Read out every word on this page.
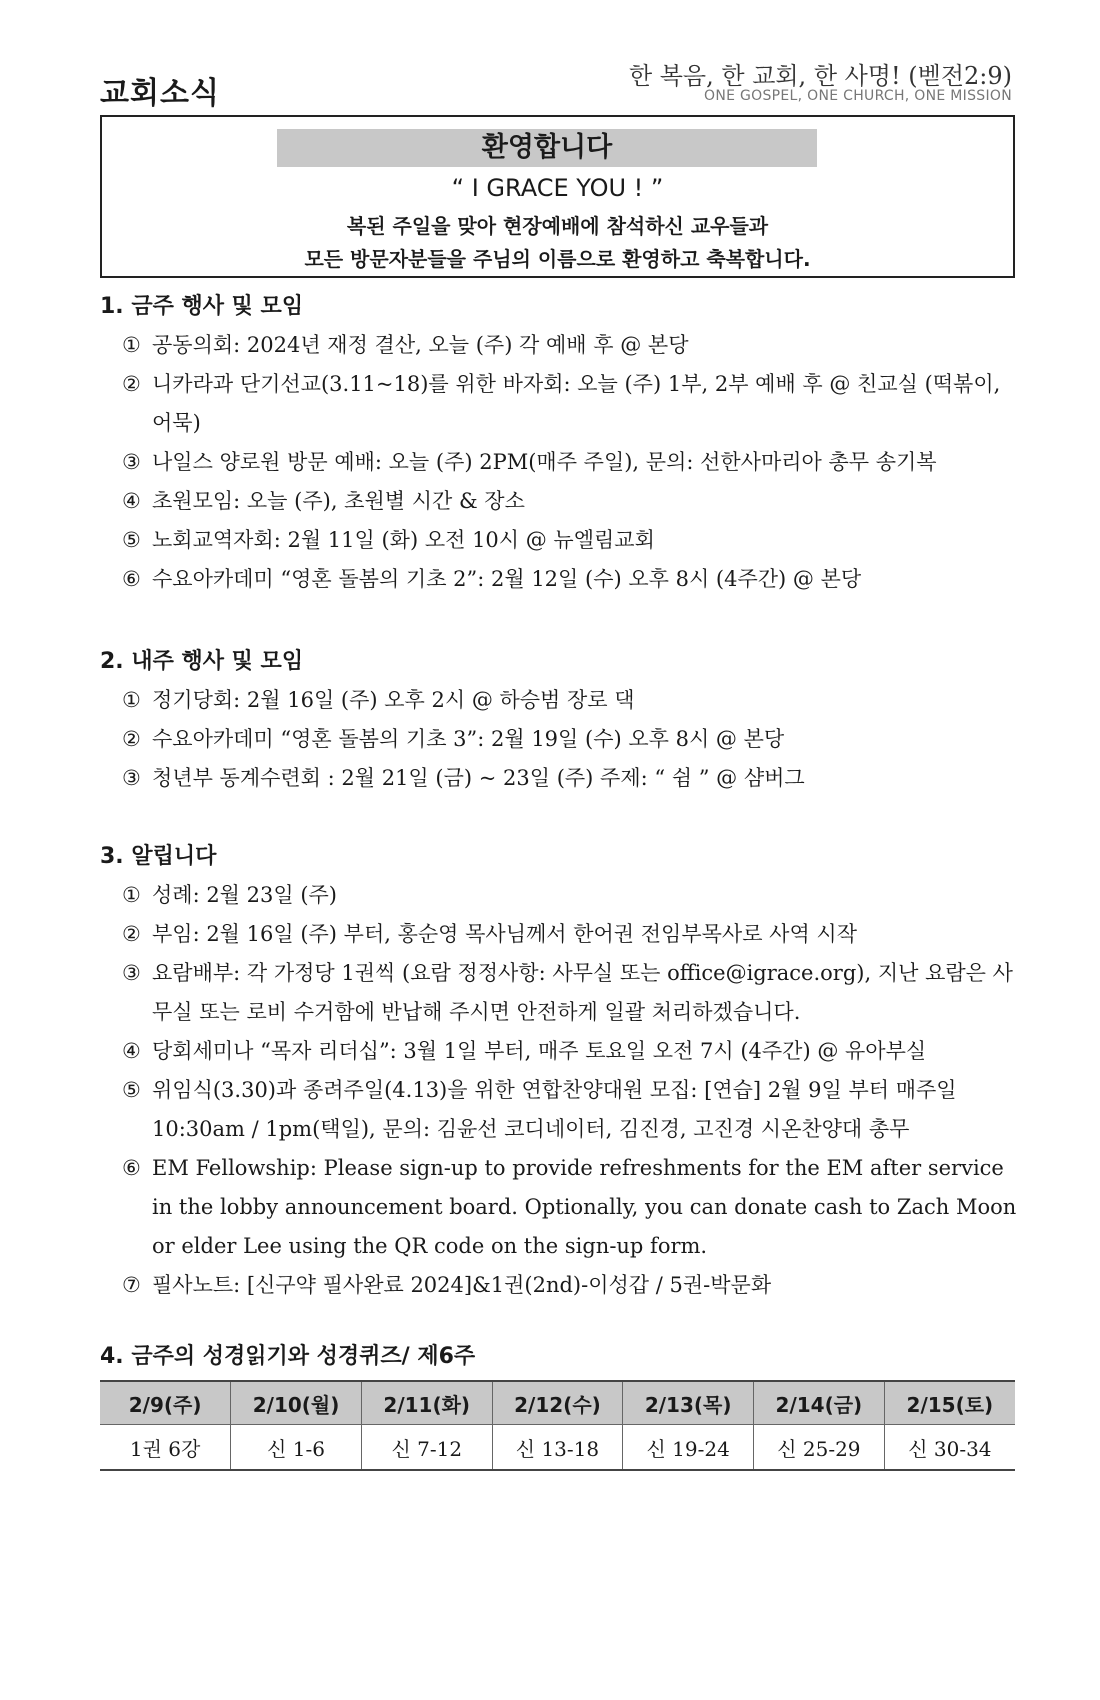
교회소식	한 복음, 한 교회, 한 사명! (벧전2:9)
ONE GOSPEL, ONE CHURCH, ONE MISSION
환영합니다
“ I GRACE YOU ! ”
복된 주일을 맞아 현장예배에 참석하신 교우들과
모든 방문자분들을 주님의 이름으로 환영하고 축복합니다.
1. 금주 행사 및 모임
① 공동의회: 2024년 재정 결산, 오늘 (주) 각 예배 후 @ 본당
② 니카라과 단기선교(3.11~18)를 위한 바자회: 오늘 (주) 1부, 2부 예배 후 @ 친교실 (떡볶이, 어묵)
③ 나일스 양로원 방문 예배: 오늘 (주) 2PM(매주 주일), 문의: 선한사마리아 총무 송기복
④ 초원모임: 오늘 (주), 초원별 시간 & 장소
⑤ 노회교역자회: 2월 11일 (화) 오전 10시 @ 뉴엘림교회
⑥ 수요아카데미 “영혼 돌봄의 기초 2”: 2월 12일 (수) 오후 8시 (4주간) @ 본당
2. 내주 행사 및 모임
① 정기당회: 2월 16일 (주) 오후 2시 @ 하승범 장로 댁
② 수요아카데미 “영혼 돌봄의 기초 3”: 2월 19일 (수) 오후 8시 @ 본당
③ 청년부 동계수련회 : 2월 21일 (금) ~ 23일 (주) 주제: “ 쉼 ” @ 샴버그
3. 알립니다
① 성례: 2월 23일 (주)
② 부임: 2월 16일 (주) 부터, 홍순영 목사님께서 한어권 전임부목사로 사역 시작
③ 요람배부: 각 가정당 1권씩 (요람 정정사항: 사무실 또는 office@igrace.org), 지난 요람은 사무실 또는 로비 수거함에 반납해 주시면 안전하게 일괄 처리하겠습니다.
④ 당회세미나 “목자 리더십”: 3월 1일 부터, 매주 토요일 오전 7시 (4주간) @ 유아부실
⑤ 위임식(3.30)과 종려주일(4.13)을 위한 연합찬양대원 모집: [연습] 2월 9일 부터 매주일 10:30am / 1pm(택일), 문의: 김윤선 코디네이터, 김진경, 고진경 시온찬양대 총무
⑥ EM Fellowship: Please sign-up to provide refreshments for the EM after service in the lobby announcement board. Optionally, you can donate cash to Zach Moon or elder Lee using the QR code on the sign-up form.
⑦ 필사노트: [신구약 필사완료 2024]&1권(2nd)-이성갑 / 5권-박문화
4. 금주의 성경읽기와 성경퀴즈/ 제6주
2/9(주)	2/10(월)	2/11(화)	2/12(수)	2/13(목)	2/14(금)	2/15(토)
1권 6강	신 1-6	신 7-12	신 13-18	신 19-24	신 25-29	신 30-34
